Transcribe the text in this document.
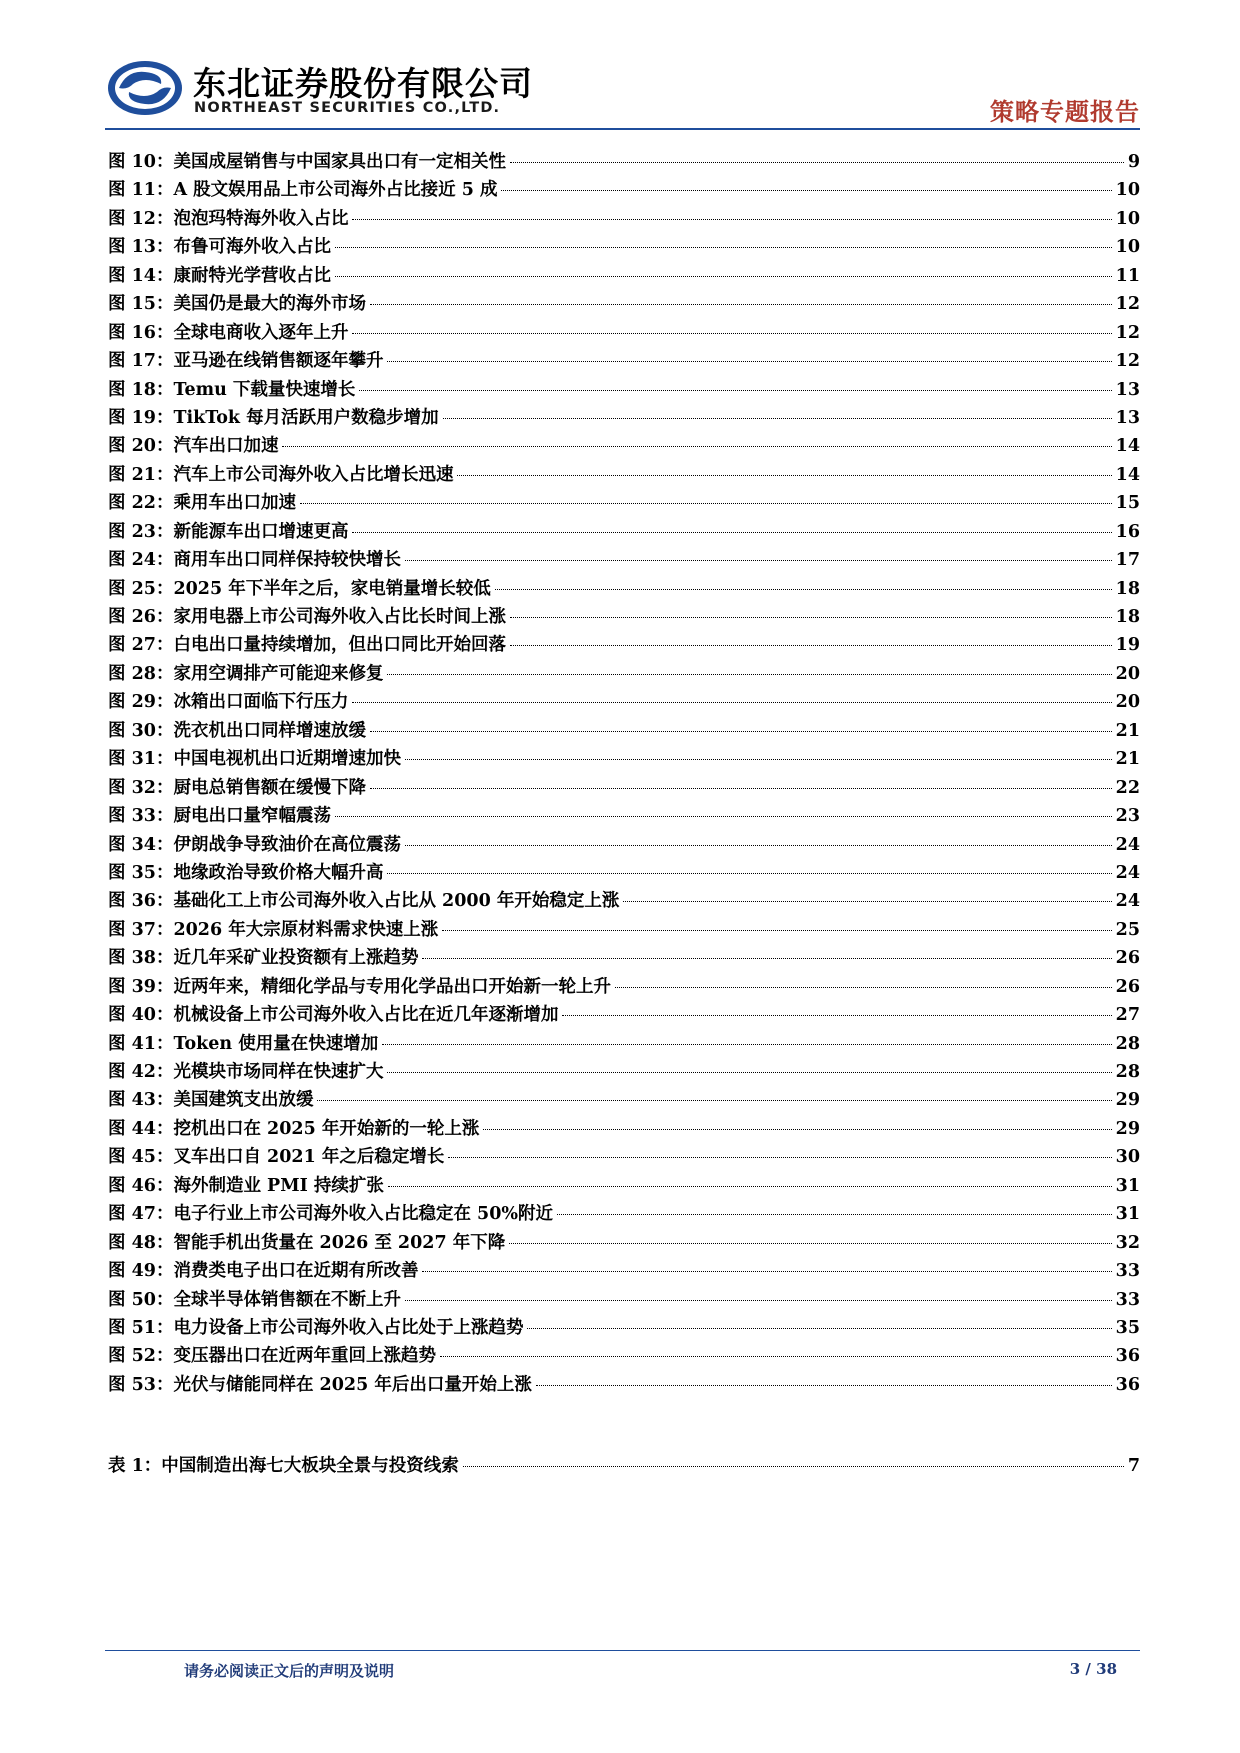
东北证券股份有限公司
NORTHEAST SECURITIES CO.,LTD.	策略专题报告
图 10： 美国成屋销售与中国家具出口有一定相关性	9
图 11： A 股文娱用品上市公司海外占比接近 5 成	10
图 12： 泡泡玛特海外收入占比	10
图 13： 布鲁可海外收入占比	10
图 14： 康耐特光学营收占比	11
图 15： 美国仍是最大的海外市场	12
图 16： 全球电商收入逐年上升	12
图 17： 亚马逊在线销售额逐年攀升	12
图 18： Temu 下载量快速增长	13
图 19： TikTok 每月活跃用户数稳步增加	13
图 20： 汽车出口加速	14
图 21： 汽车上市公司海外收入占比增长迅速	14
图 22： 乘用车出口加速	15
图 23： 新能源车出口增速更高	16
图 24： 商用车出口同样保持较快增长	17
图 25： 2025 年下半年之后，家电销量增长较低	18
图 26： 家用电器上市公司海外收入占比长时间上涨	18
图 27： 白电出口量持续增加，但出口同比开始回落	19
图 28： 家用空调排产可能迎来修复	20
图 29： 冰箱出口面临下行压力	20
图 30： 洗衣机出口同样增速放缓	21
图 31： 中国电视机出口近期增速加快	21
图 32： 厨电总销售额在缓慢下降	22
图 33： 厨电出口量窄幅震荡	23
图 34： 伊朗战争导致油价在高位震荡	24
图 35： 地缘政治导致价格大幅升高	24
图 36： 基础化工上市公司海外收入占比从 2000 年开始稳定上涨	24
图 37： 2026 年大宗原材料需求快速上涨	25
图 38： 近几年采矿业投资额有上涨趋势	26
图 39： 近两年来，精细化学品与专用化学品出口开始新一轮上升	26
图 40： 机械设备上市公司海外收入占比在近几年逐渐增加	27
图 41： Token 使用量在快速增加	28
图 42： 光模块市场同样在快速扩大	28
图 43： 美国建筑支出放缓	29
图 44： 挖机出口在 2025 年开始新的一轮上涨	29
图 45： 叉车出口自 2021 年之后稳定增长	30
图 46： 海外制造业 PMI 持续扩张	31
图 47： 电子行业上市公司海外收入占比稳定在 50%附近	31
图 48： 智能手机出货量在 2026 至 2027 年下降	32
图 49： 消费类电子出口在近期有所改善	33
图 50： 全球半导体销售额在不断上升	33
图 51： 电力设备上市公司海外收入占比处于上涨趋势	35
图 52： 变压器出口在近两年重回上涨趋势	36
图 53： 光伏与储能同样在 2025 年后出口量开始上涨	36
表 1： 中国制造出海七大板块全景与投资线索	7
请务必阅读正文后的声明及说明	3 / 38
